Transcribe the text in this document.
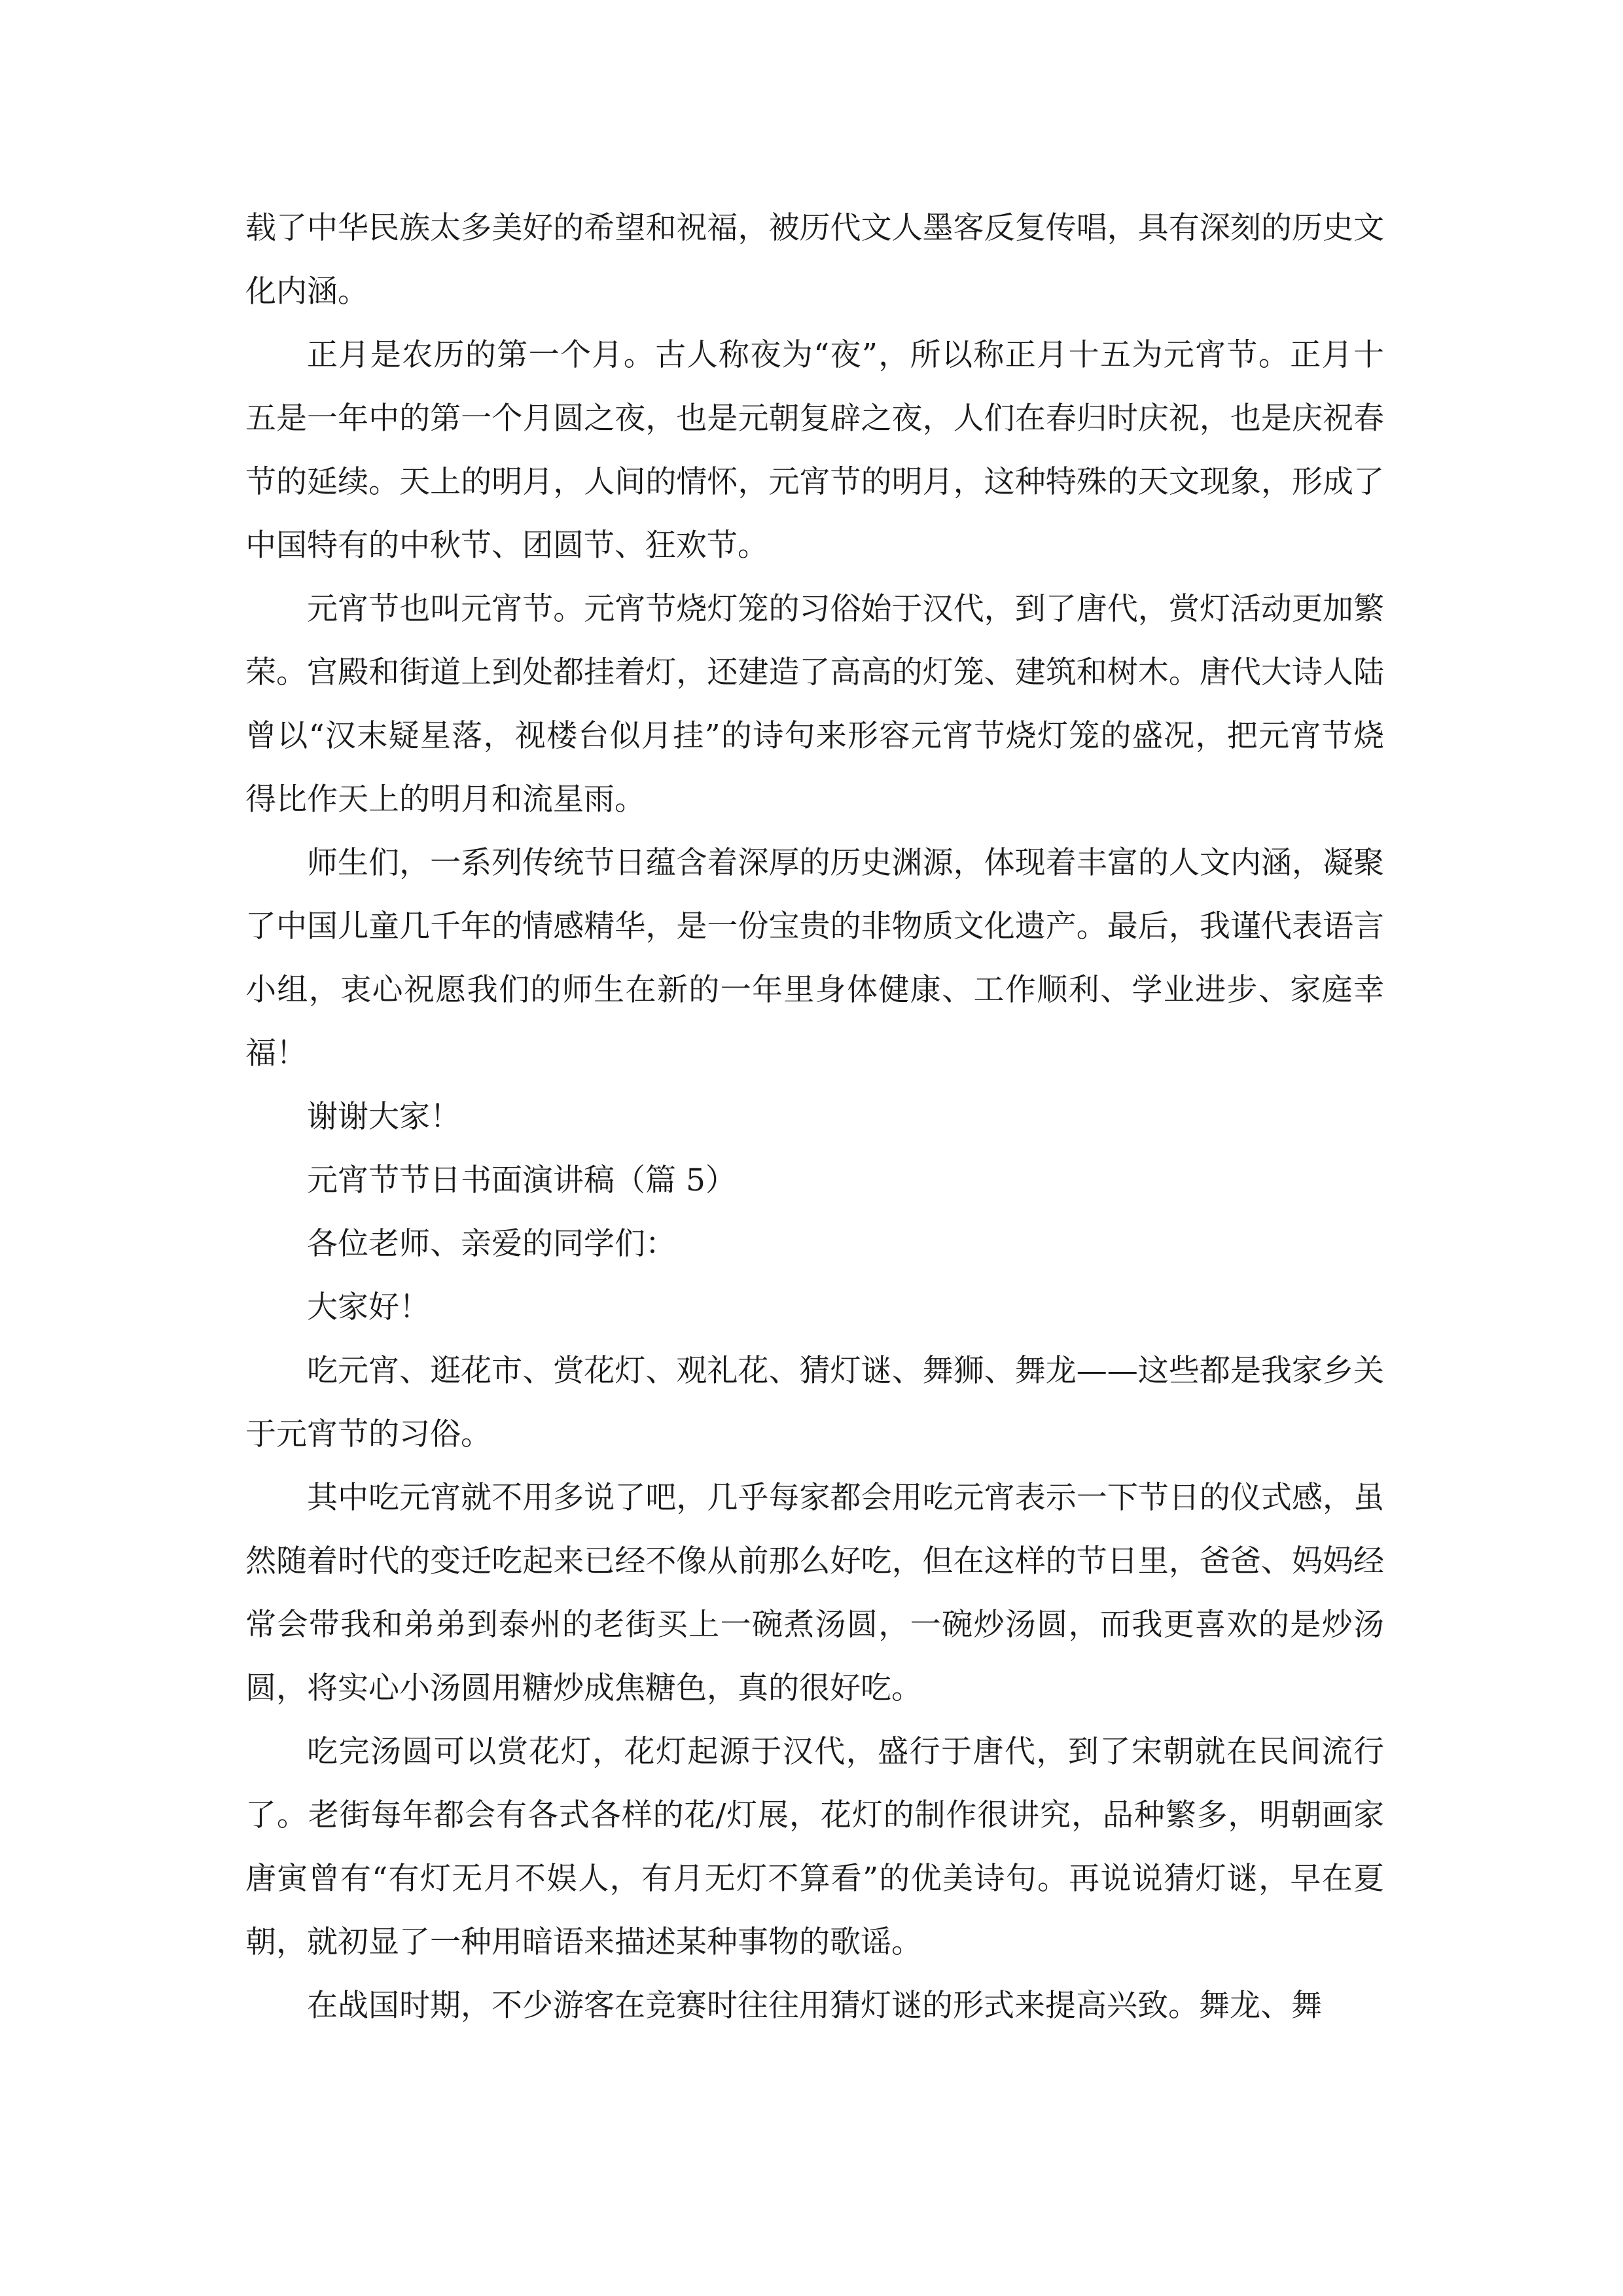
载了中华民族太多美好的希望和祝福，被历代文人墨客反复传唱，具有深刻的历史文化内涵。

正月是农历的第一个月。古人称夜为“夜”，所以称正月十五为元宵节。正月十五是一年中的第一个月圆之夜，也是元朝复辟之夜，人们在春归时庆祝，也是庆祝春节的延续。天上的明月，人间的情怀，元宵节的明月，这种特殊的天文现象，形成了中国特有的中秋节、团圆节、狂欢节。

元宵节也叫元宵节。元宵节烧灯笼的习俗始于汉代，到了唐代，赏灯活动更加繁荣。宫殿和街道上到处都挂着灯，还建造了高高的灯笼、建筑和树木。唐代大诗人陆曾以“汉末疑星落，视楼台似月挂”的诗句来形容元宵节烧灯笼的盛况，把元宵节烧得比作天上的明月和流星雨。

师生们，一系列传统节日蕴含着深厚的历史渊源，体现着丰富的人文内涵，凝聚了中国儿童几千年的情感精华，是一份宝贵的非物质文化遗产。最后，我谨代表语言小组，衷心祝愿我们的师生在新的一年里身体健康、工作顺利、学业进步、家庭幸福！

谢谢大家！

元宵节节日书面演讲稿（篇 5）

各位老师、亲爱的同学们：

大家好！

吃元宵、逛花市、赏花灯、观礼花、猜灯谜、舞狮、舞龙——这些都是我家乡关于元宵节的习俗。

其中吃元宵就不用多说了吧，几乎每家都会用吃元宵表示一下节日的仪式感，虽然随着时代的变迁吃起来已经不像从前那么好吃，但在这样的节日里，爸爸、妈妈经常会带我和弟弟到泰州的老街买上一碗煮汤圆，一碗炒汤圆，而我更喜欢的是炒汤圆，将实心小汤圆用糖炒成焦糖色，真的很好吃。

吃完汤圆可以赏花灯，花灯起源于汉代，盛行于唐代，到了宋朝就在民间流行了。老街每年都会有各式各样的花/灯展，花灯的制作很讲究，品种繁多，明朝画家唐寅曾有“有灯无月不娱人，有月无灯不算看”的优美诗句。再说说猜灯谜，早在夏朝，就初显了一种用暗语来描述某种事物的歌谣。

在战国时期，不少游客在竞赛时往往用猜灯谜的形式来提高兴致。舞龙、舞
